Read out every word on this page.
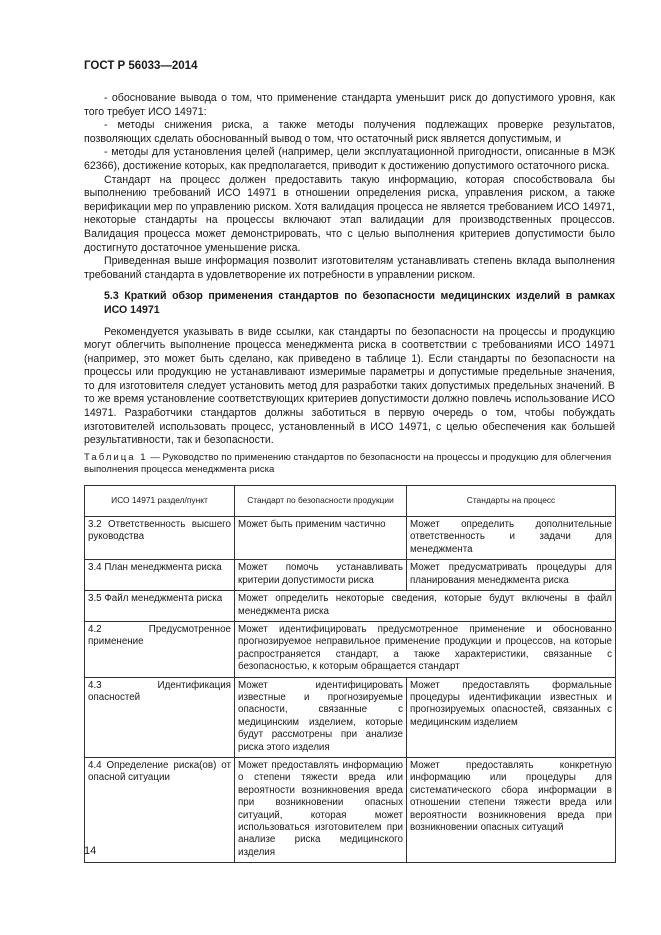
ГОСТ Р 56033—2014

- обоснование вывода о том, что применение стандарта уменьшит риск до допустимого уровня, как того требует ИСО 14971:

- методы снижения риска, а также методы получения подлежащих проверке результатов, позволяющих сделать обоснованный вывод о том, что остаточный риск является допустимым, и

- методы для установления целей (например, цели эксплуатационной пригодности, описанные в МЭК 62366), достижение которых, как предполагается, приводит к достижению допустимого остаточного риска.

Стандарт на процесс должен предоставить такую информацию, которая способствовала бы выполнению требований ИСО 14971 в отношении определения риска, управления риском, а также верификации мер по управлению риском. Хотя валидация процесса не является требованием ИСО 14971, некоторые стандарты на процессы включают этап валидации для производственных процессов. Валидация процесса может демонстрировать, что с целью выполнения критериев допустимости было достигнуто достаточное уменьшение риска.

Приведенная выше информация позволит изготовителям устанавливать степень вклада выполнения требований стандарта в удовлетворение их потребности в управлении риском.

5.3 Краткий обзор применения стандартов по безопасности медицинских изделий в рамках ИСО 14971

Рекомендуется указывать в виде ссылки, как стандарты по безопасности на процессы и продукцию могут облегчить выполнение процесса менеджмента риска в соответствии с требованиями ИСО 14971 (например, это может быть сделано, как приведено в таблице 1). Если стандарты по безопасности на процессы или продукцию не устанавливают измеримые параметры и допустимые предельные значения, то для изготовителя следует установить метод для разработки таких допустимых предельных значений. В то же время установление соответствующих критериев допустимости должно повлечь использование ИСО 14971. Разработчики стандартов должны заботиться в первую очередь о том, чтобы побуждать изготовителей использовать процесс, установленный в ИСО 14971, с целью обеспечения как большей результативности, так и безопасности.

Таблица 1 — Руководство по применению стандартов по безопасности на процессы и продукцию для облегчения выполнения процесса менеджмента риска

ИСО 14971 раздел/пункт	Стандарт по безопасности продукции	Стандарты на процесс
3.2 Ответственность высшего руководства	Может быть применим частично	Может определить дополнительные ответственность и задачи для менеджмента
3.4 План менеджмента риска	Может помочь устанавливать критерии допустимости риска	Может предусматривать процедуры для планирования менеджмента риска
3.5 Файл менеджмента риска	Может определить некоторые сведения, которые будут включены в файл менеджмента риска	
4.2 Предусмотренное применение	Может идентифицировать предусмотренное применение и обоснованно прогнозируемое неправильное применение продукции и процессов, на которые распространяется стандарт, а также характеристики, связанные с безопасностью, к которым обращается стандарт	
4.3 Идентификация опасностей	Может идентифицировать известные и прогнозируемые опасности, связанные с медицинским изделием, которые будут рассмотрены при анализе риска этого изделия	Может предоставлять формальные процедуры идентификации известных и прогнозируемых опасностей, связанных с медицинским изделием
4.4 Определение риска(ов) от опасной ситуации	Может предоставлять информацию о степени тяжести вреда или вероятности возникновения вреда при возникновении опасных ситуаций, которая может использоваться изготовителем при анализе риска медицинского изделия	Может предоставлять конкретную информацию или процедуры для систематического сбора информации в отношении степени тяжести вреда или вероятности возникновения вреда при возникновении опасных ситуаций
14
